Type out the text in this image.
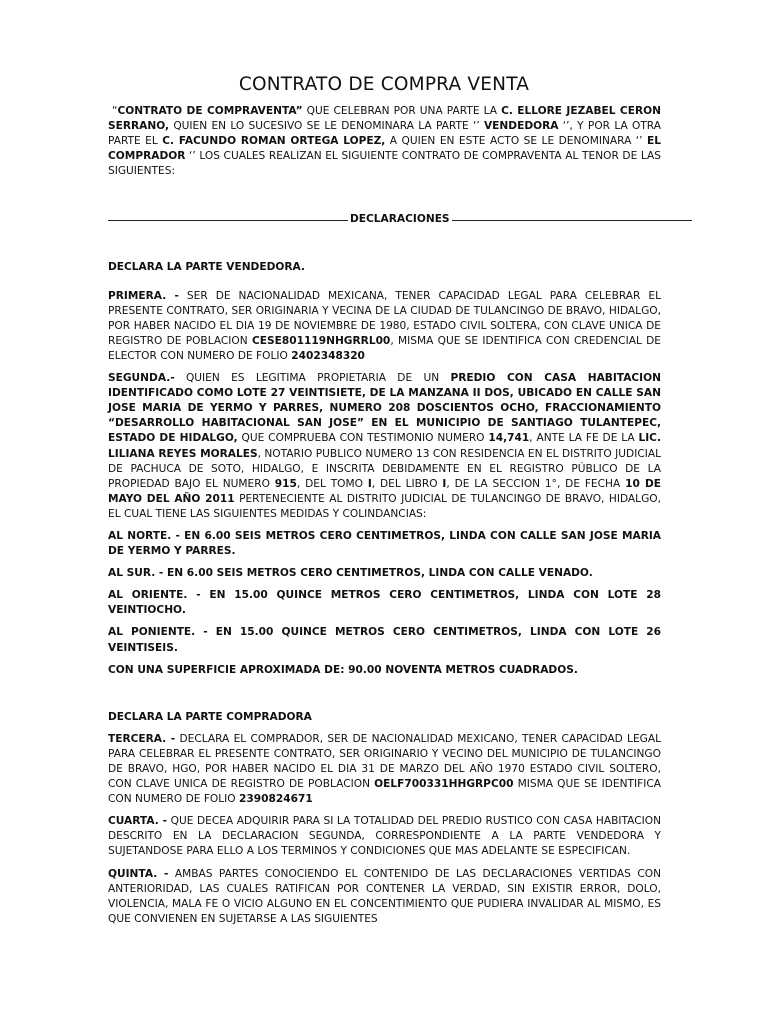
CONTRATO DE COMPRA VENTA

“CONTRATO DE COMPRAVENTA” QUE CELEBRAN POR UNA PARTE LA C. ELLORE JEZABEL CERON SERRANO, QUIEN EN LO SUCESIVO SE LE DENOMINARA LA PARTE ‘’ VENDEDORA ‘’, Y POR LA OTRA PARTE EL C. FACUNDO ROMAN ORTEGA LOPEZ, A QUIEN EN ESTE ACTO SE LE DENOMINARA ‘’ EL COMPRADOR ‘’ LOS CUALES REALIZAN EL SIGUIENTE CONTRATO DE COMPRAVENTA AL TENOR DE LAS SIGUIENTES:

DECLARACIONES

DECLARA LA PARTE VENDEDORA.

PRIMERA. - SER DE NACIONALIDAD MEXICANA, TENER CAPACIDAD LEGAL PARA CELEBRAR EL PRESENTE CONTRATO, SER ORIGINARIA Y VECINA DE LA CIUDAD DE TULANCINGO DE BRAVO, HIDALGO, POR HABER NACIDO EL DIA 19 DE NOVIEMBRE DE 1980, ESTADO CIVIL SOLTERA, CON CLAVE UNICA DE REGISTRO DE POBLACION CESE801119NHGRRL00, MISMA QUE SE IDENTIFICA CON CREDENCIAL DE ELECTOR CON NUMERO DE FOLIO 2402348320

SEGUNDA.- QUIEN ES LEGITIMA PROPIETARIA DE UN PREDIO CON CASA HABITACION IDENTIFICADO COMO LOTE 27 VEINTISIETE, DE LA MANZANA II DOS, UBICADO EN CALLE SAN JOSE MARIA DE YERMO Y PARRES, NUMERO 208 DOSCIENTOS OCHO, FRACCIONAMIENTO “DESARROLLO HABITACIONAL SAN JOSE” EN EL MUNICIPIO DE SANTIAGO TULANTEPEC, ESTADO DE HIDALGO, QUE COMPRUEBA CON TESTIMONIO NUMERO 14,741, ANTE LA FE DE LA LIC. LILIANA REYES MORALES, NOTARIO PUBLICO NUMERO 13 CON RESIDENCIA EN EL DISTRITO JUDICIAL DE PACHUCA DE SOTO, HIDALGO, E INSCRITA DEBIDAMENTE EN EL REGISTRO PÚBLICO DE LA PROPIEDAD BAJO EL NUMERO 915, DEL TOMO I, DEL LIBRO I, DE LA SECCION 1°, DE FECHA 10 DE MAYO DEL AÑO 2011 PERTENECIENTE AL DISTRITO JUDICIAL DE TULANCINGO DE BRAVO, HIDALGO, EL CUAL TIENE LAS SIGUIENTES MEDIDAS Y COLINDANCIAS:

AL NORTE. - EN 6.00 SEIS METROS CERO CENTIMETROS, LINDA CON CALLE SAN JOSE MARIA DE YERMO Y PARRES.

AL SUR. - EN 6.00 SEIS METROS CERO CENTIMETROS, LINDA CON CALLE VENADO.

AL ORIENTE. - EN 15.00 QUINCE METROS CERO CENTIMETROS, LINDA CON LOTE 28 VEINTIOCHO.

AL PONIENTE. - EN 15.00 QUINCE METROS CERO CENTIMETROS, LINDA CON LOTE 26 VEINTISEIS.

CON UNA SUPERFICIE APROXIMADA DE: 90.00 NOVENTA METROS CUADRADOS.

DECLARA LA PARTE COMPRADORA

TERCERA. - DECLARA EL COMPRADOR, SER DE NACIONALIDAD MEXICANO, TENER CAPACIDAD LEGAL PARA CELEBRAR EL PRESENTE CONTRATO, SER ORIGINARIO Y VECINO DEL MUNICIPIO DE TULANCINGO DE BRAVO, HGO, POR HABER NACIDO EL DIA 31 DE MARZO DEL AÑO 1970 ESTADO CIVIL SOLTERO, CON CLAVE UNICA DE REGISTRO DE POBLACION OELF700331HHGRPC00 MISMA QUE SE IDENTIFICA CON NUMERO DE FOLIO 2390824671

CUARTA. - QUE DECEA ADQUIRIR PARA SI LA TOTALIDAD DEL PREDIO RUSTICO CON CASA HABITACION DESCRITO EN LA DECLARACION SEGUNDA, CORRESPONDIENTE A LA PARTE VENDEDORA Y SUJETANDOSE PARA ELLO A LOS TERMINOS Y CONDICIONES QUE MAS ADELANTE SE ESPECIFICAN.

QUINTA. - AMBAS PARTES CONOCIENDO EL CONTENIDO DE LAS DECLARACIONES VERTIDAS CON ANTERIORIDAD, LAS CUALES RATIFICAN POR CONTENER LA VERDAD, SIN EXISTIR ERROR, DOLO, VIOLENCIA, MALA FE O VICIO ALGUNO EN EL CONCENTIMIENTO QUE PUDIERA INVALIDAR AL MISMO, ES QUE CONVIENEN EN SUJETARSE A LAS SIGUIENTES
